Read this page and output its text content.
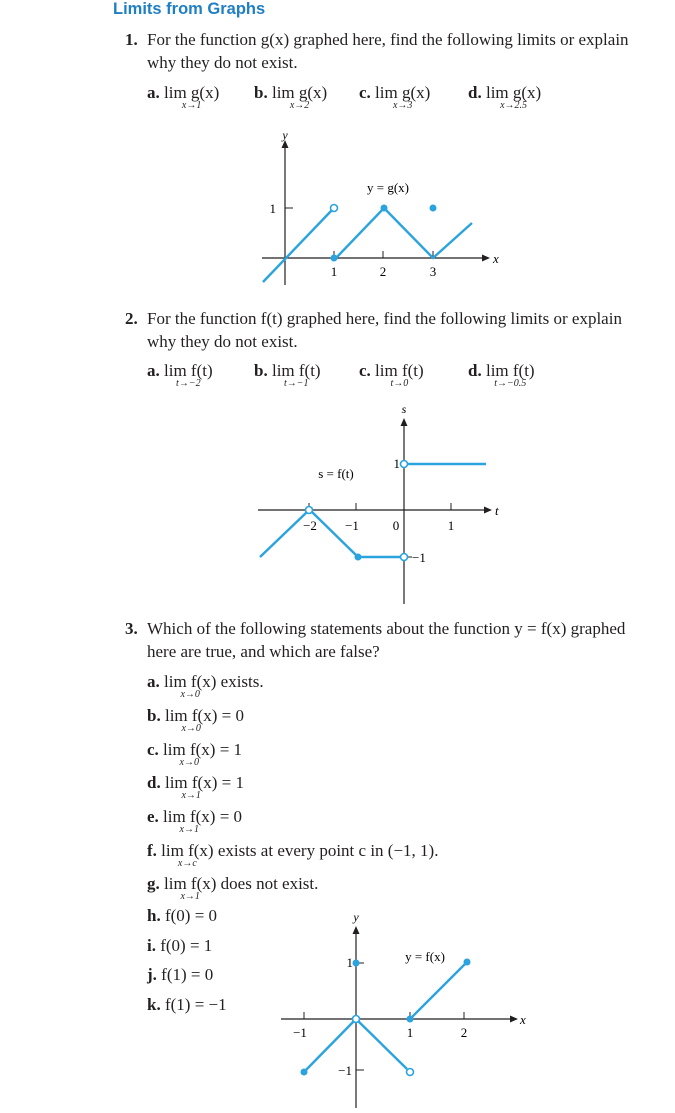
Limits from Graphs
1. For the function g(x) graphed here, find the following limits or explain why they do not exist.
a. lim g(x)
x→1
b. lim g(x)
x→2
c. lim g(x)
x→3
d. lim g(x)
x→2.5
y
x
1
1	2	3
y = g(x)
2. For the function f(t) graphed here, find the following limits or explain why they do not exist.
a. lim f(t)
t→−2
b. lim f(t)
t→−1
c. lim f(t)
t→0
d. lim f(t)
t→−0.5
s
t
1
−1
−2 −1	0	1
s = f(t)
3. Which of the following statements about the function y = f(x) graphed here are true, and which are false?
a. lim f(x)
x→0
exists.
b. lim f(x)
x→0
= 0
c. lim f(x)
x→0
= 1
d. lim f(x)
x→1
= 1
e. lim f(x)
x→1
= 0
f. lim f(x)
x→c
exists at every point c in (−1, 1).
g. lim f(x)
x→1
does not exist.
h. f(0) = 0
i. f(0) = 1
j. f(1) = 0
k. f(1) = −1
y
x
1
−1
−1	1	2
y = f(x)
